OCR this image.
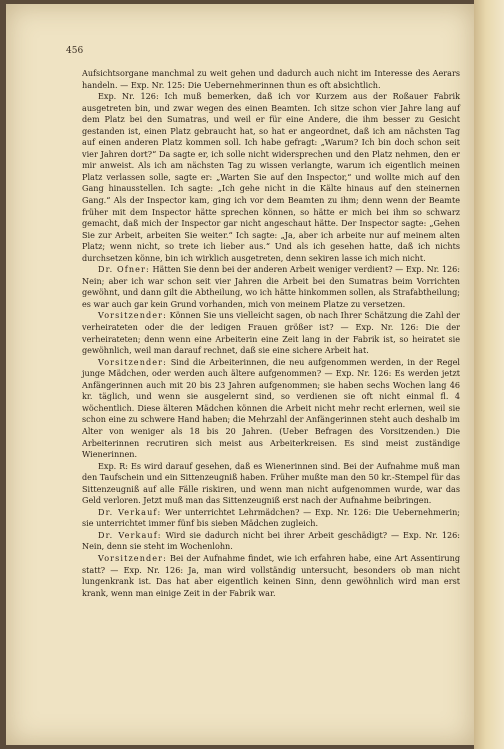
456

Aufsichtsorgane manchmal zu weit gehen und dadurch auch nicht im Interesse des Aerars handeln. — Exp. Nr. 125: Die Uebernehmerinnen thun es oft absichtlich.

Exp. Nr. 126: Ich muß bemerken, daß ich vor Kurzem aus der Roßauer Fabrik ausgetreten bin, und zwar wegen des einen Beamten. Ich sitze schon vier Jahre lang auf dem Platz bei den Sumatras, und weil er für eine Andere, die ihm besser zu Gesicht gestanden ist, einen Platz gebraucht hat, so hat er angeordnet, daß ich am nächsten Tag auf einen anderen Platz kommen soll. Ich habe gefragt: „Warum? Ich bin doch schon seit vier Jahren dort?“ Da sagte er, ich solle nicht widersprechen und den Platz nehmen, den er mir anweist. Als ich am nächsten Tag zu wissen verlangte, warum ich eigentlich meinen Platz verlassen solle, sagte er: „Warten Sie auf den Inspector,“ und wollte mich auf den Gang hinausstellen. Ich sagte: „Ich gehe nicht in die Kälte hinaus auf den steinernen Gang.“ Als der Inspector kam, ging ich vor dem Beamten zu ihm; denn wenn der Beamte früher mit dem Inspector hätte sprechen können, so hätte er mich bei ihm so schwarz gemacht, daß mich der Inspector gar nicht angeschaut hätte. Der Inspector sagte: „Gehen Sie zur Arbeit, arbeiten Sie weiter.“ Ich sagte: „Ja, aber ich arbeite nur auf meinem alten Platz; wenn nicht, so trete ich lieber aus.“ Und als ich gesehen hatte, daß ich nichts durchsetzen könne, bin ich wirklich ausgetreten, denn sekiren lasse ich mich nicht.

Dr. Ofner: Hätten Sie denn bei der anderen Arbeit weniger verdient? — Exp. Nr. 126: Nein; aber ich war schon seit vier Jahren die Arbeit bei den Sumatras beim Vorrichten gewöhnt, und dann gilt die Abtheilung, wo ich hätte hinkommen sollen, als Strafabtheilung; es war auch gar kein Grund vorhanden, mich von meinem Platze zu versetzen.

Vorsitzender: Können Sie uns vielleicht sagen, ob nach Ihrer Schätzung die Zahl der verheirateten oder die der ledigen Frauen größer ist? — Exp. Nr. 126: Die der verheirateten; denn wenn eine Arbeiterin eine Zeit lang in der Fabrik ist, so heiratet sie gewöhnlich, weil man darauf rechnet, daß sie eine sichere Arbeit hat.

Vorsitzender: Sind die Arbeiterinnen, die neu aufgenommen werden, in der Regel junge Mädchen, oder werden auch ältere aufgenommen? — Exp. Nr. 126: Es werden jetzt Anfängerinnen auch mit 20 bis 23 Jahren aufgenommen; sie haben sechs Wochen lang 46 kr. täglich, und wenn sie ausgelernt sind, so verdienen sie oft nicht einmal fl. 4 wöchentlich. Diese älteren Mädchen können die Arbeit nicht mehr recht erlernen, weil sie schon eine zu schwere Hand haben; die Mehrzahl der Anfängerinnen steht auch deshalb im Alter von weniger als 18 bis 20 Jahren. (Ueber Befragen des Vorsitzenden.) Die Arbeiterinnen recrutiren sich meist aus Arbeiterkreisen. Es sind meist zuständige Wienerinnen.

Exp. R: Es wird darauf gesehen, daß es Wienerinnen sind. Bei der Aufnahme muß man den Taufschein und ein Sittenzeugniß haben. Früher mußte man den 50 kr.-Stempel für das Sittenzeugniß auf alle Fälle riskiren, und wenn man nicht aufgenommen wurde, war das Geld verloren. Jetzt muß man das Sittenzeugniß erst nach der Aufnahme beibringen.

Dr. Verkauf: Wer unterrichtet Lehrmädchen? — Exp. Nr. 126: Die Uebernehmerin; sie unterrichtet immer fünf bis sieben Mädchen zugleich.

Dr. Verkauf: Wird sie dadurch nicht bei ihrer Arbeit geschädigt? — Exp. Nr. 126: Nein, denn sie steht im Wochenlohn.

Vorsitzender: Bei der Aufnahme findet, wie ich erfahren habe, eine Art Assentirung statt? — Exp. Nr. 126: Ja, man wird vollständig untersucht, besonders ob man nicht lungenkrank ist. Das hat aber eigentlich keinen Sinn, denn gewöhnlich wird man erst krank, wenn man einige Zeit in der Fabrik war.
